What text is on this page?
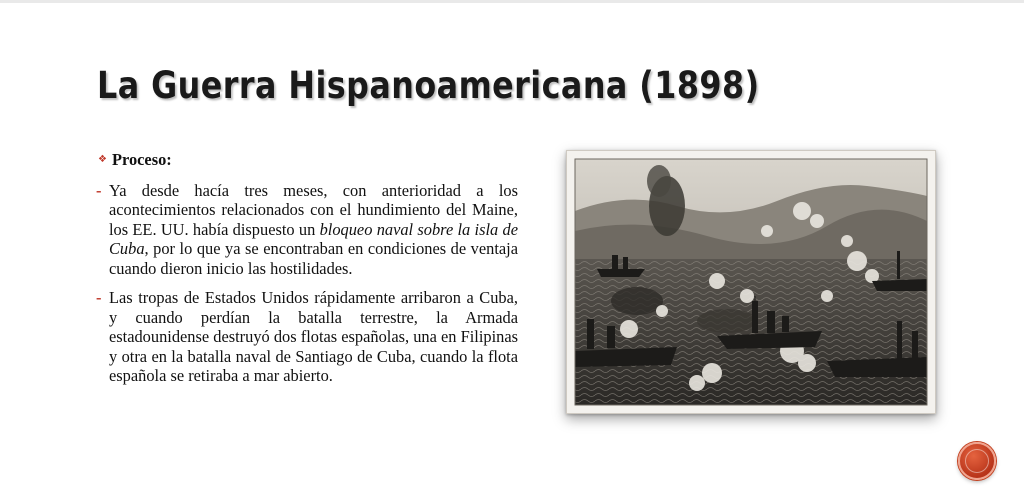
La Guerra Hispanoamericana (1898)
❖ Proceso:
- Ya desde hacía tres meses, con anterioridad a los acontecimientos relacionados con el hundimiento del Maine, los EE. UU. había dispuesto un bloqueo naval sobre la isla de Cuba, por lo que ya se encontraban en condiciones de ventaja cuando dieron inicio las hostilidades.
- Las tropas de Estados Unidos rápidamente arribaron a Cuba, y cuando perdían la batalla terrestre, la Armada estadounidense destruyó dos flotas españolas, una en Filipinas y otra en la batalla naval de Santiago de Cuba, cuando la flota española se retiraba a mar abierto.
